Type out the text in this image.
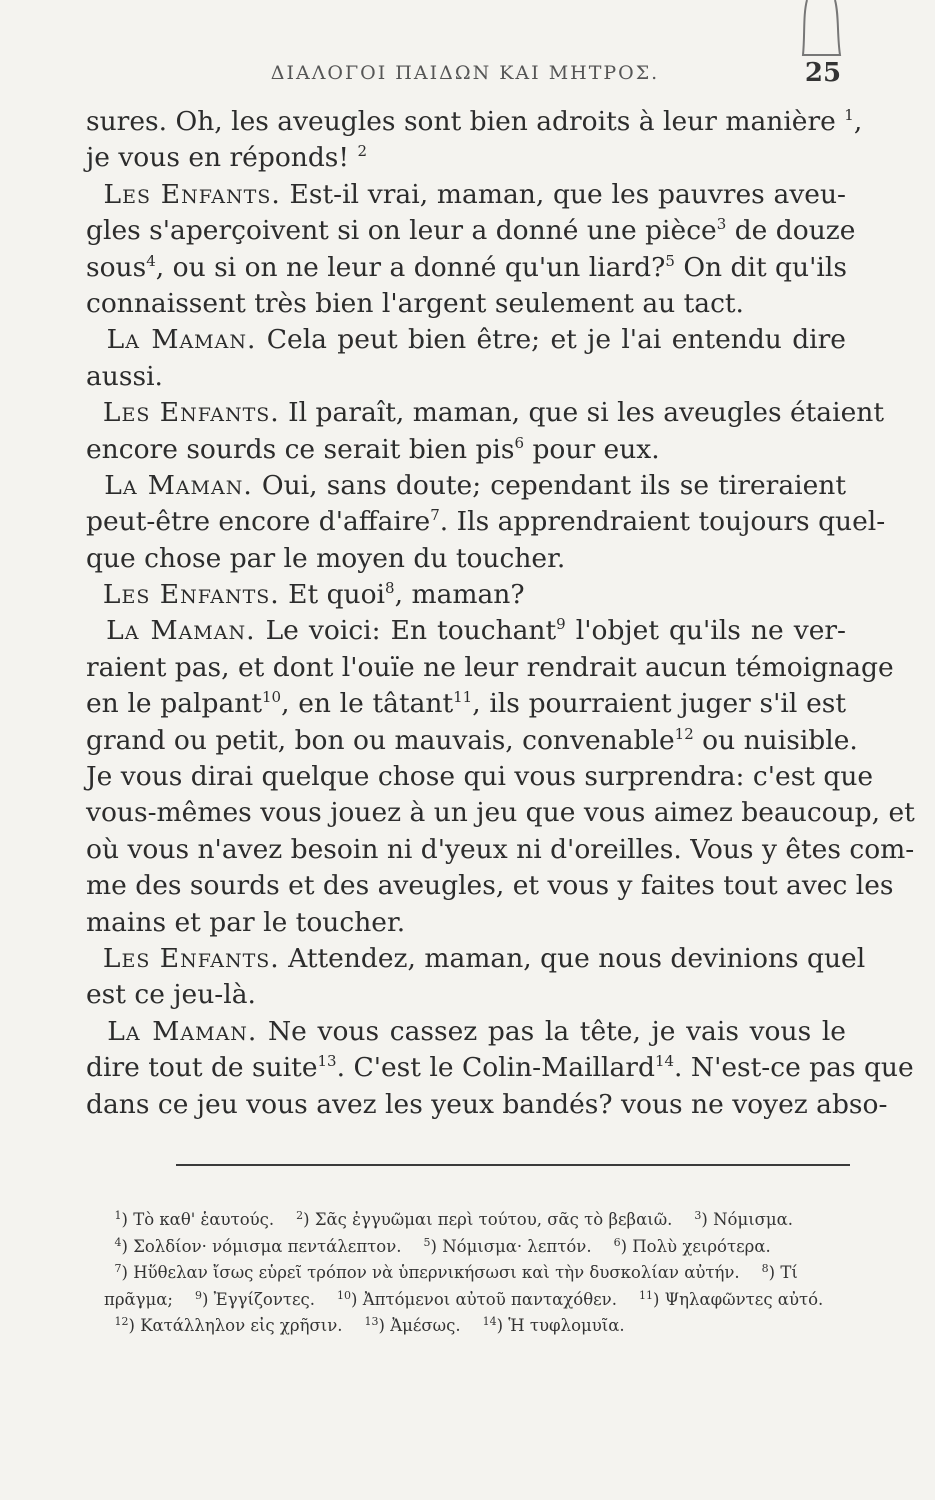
ΔΙΑΛΟΓΟΙ ΠΑΙΔΩΝ ΚΑΙ ΜΗΤΡΟΣ.	25
sures. Oh, les aveugles sont bien adroits à leur manière $^1$,
je vous en réponds! $^2$
Les Enfants. Est-il vrai, maman, que les pauvres aveu-
gles s'aperçoivent si on leur a donné une pièce$^3$ de douze
sous$^4$, ou si on ne leur a donné qu'un liard?$^5$ On dit qu'ils
connaissent très bien l'argent seulement au tact.
La Maman. Cela peut bien être; et je l'ai entendu dire
aussi.
Les Enfants. Il paraît, maman, que si les aveugles étaient
encore sourds ce serait bien pis$^6$ pour eux.
La Maman. Oui, sans doute; cependant ils se tireraient
peut-être encore d'affaire$^7$. Ils apprendraient toujours quel-
que chose par le moyen du toucher.
Les Enfants. Et quoi$^8$, maman?
La Maman. Le voici: En touchant$^9$ l'objet qu'ils ne ver-
raient pas, et dont l'ouïe ne leur rendrait aucun témoignage
en le palpant$^{10}$, en le tâtant$^{11}$, ils pourraient juger s'il est
grand ou petit, bon ou mauvais, convenable$^{12}$ ou nuisible.
Je vous dirai quelque chose qui vous surprendra: c'est que
vous-mêmes vous jouez à un jeu que vous aimez beaucoup, et
où vous n'avez besoin ni d'yeux ni d'oreilles. Vous y êtes com-
me des sourds et des aveugles, et vous y faites tout avec les
mains et par le toucher.
Les Enfants. Attendez, maman, que nous devinions quel
est ce jeu-là.
La Maman. Ne vous cassez pas la tête, je vais vous le
dire tout de suite$^{13}$. C'est le Colin-Maillard$^{14}$. N'est-ce pas que
dans ce jeu vous avez les yeux bandés? vous ne voyez abso-
$^1$) Τὸ καθ' ἑαυτούς. $^2$) Σᾶς ἐγγυῶμαι περὶ τούτου, σᾶς τὸ βεβαιῶ. $^3$) Νόμισμα.
$^4$) Σολδίον· νόμισμα πεντάλεπτον. $^5$) Νόμισμα· λεπτόν. $^6$) Πολὺ χειρότερα.
$^7$) Ηὕθελαν ἴσως εὑρεῖ τρόπον νὰ ὑπερνικήσωσι καὶ τὴν δυσκολίαν αὐτήν. $^8$) Τί
πρᾶγμα; $^9$) Ἐγγίζοντες. $^{10}$) Ἀπτόμενοι αὐτοῦ πανταχόθεν. $^{11}$) Ψηλαφῶντες αὐτό.
$^{12}$) Κατάλληλον εἰς χρῆσιν. $^{13}$) Ἀμέσως. $^{14}$) Ἡ τυφλομυῖα.
